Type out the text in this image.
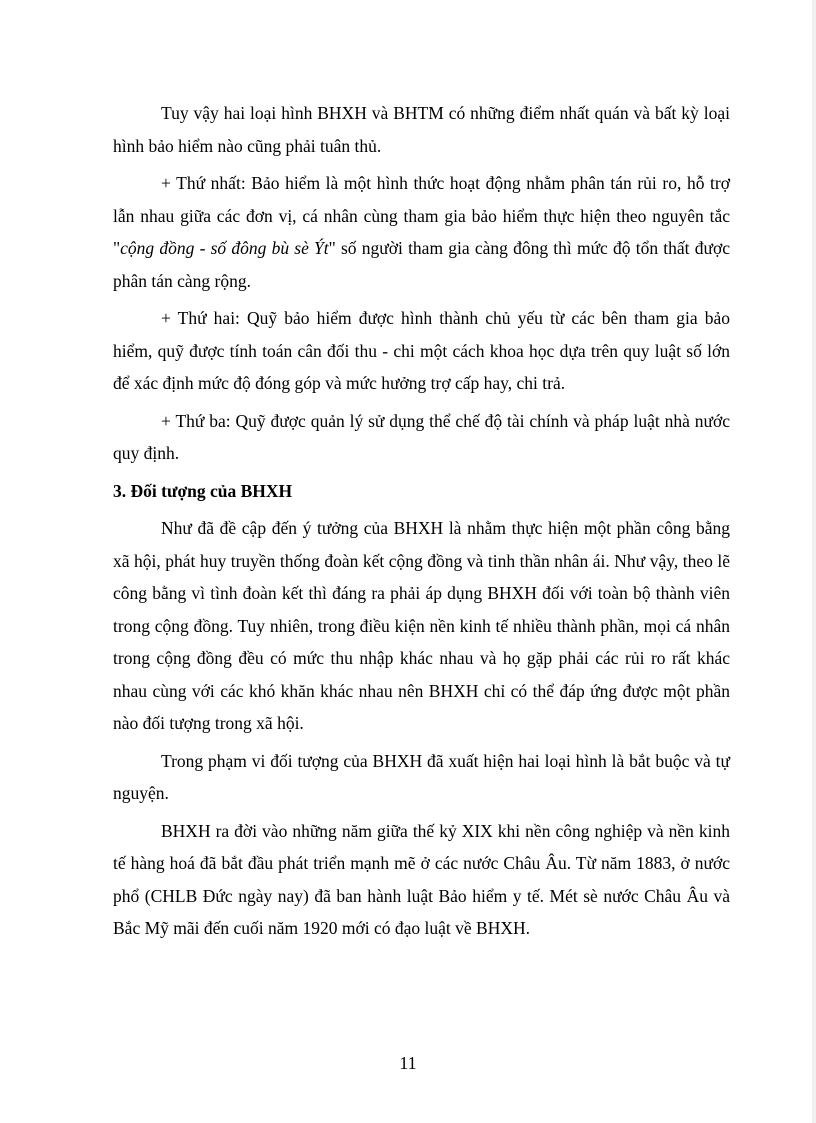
Tuy vậy hai loại hình BHXH và BHTM có những điểm nhất quán và bất kỳ loại hình bảo hiểm nào cũng phải tuân thủ.

+ Thứ nhất: Bảo hiểm là một hình thức hoạt động nhằm phân tán rủi ro, hỗ trợ lẫn nhau giữa các đơn vị, cá nhân cùng tham gia bảo hiểm thực hiện theo nguyên tắc "cộng đồng - số đông bù sè Ýt" số người tham gia càng đông thì mức độ tổn thất được phân tán càng rộng.

+ Thứ hai: Quỹ bảo hiểm được hình thành chủ yếu từ các bên tham gia bảo hiểm, quỹ được tính toán cân đối thu - chi một cách khoa học dựa trên quy luật số lớn để xác định mức độ đóng góp và mức hưởng trợ cấp hay, chi trả.

+ Thứ ba: Quỹ được quản lý sử dụng thể chế độ tài chính và pháp luật nhà nước quy định.

3. Đối tượng của BHXH

Như đã đề cập đến ý tưởng của BHXH là nhằm thực hiện một phần công bằng xã hội, phát huy truyền thống đoàn kết cộng đồng và tinh thần nhân ái. Như vậy, theo lẽ công bằng vì tình đoàn kết thì đáng ra phải áp dụng BHXH đối với toàn bộ thành viên trong cộng đồng. Tuy nhiên, trong điều kiện nền kinh tế nhiều thành phần, mọi cá nhân trong cộng đồng đều có mức thu nhập khác nhau và họ gặp phải các rủi ro rất khác nhau cùng với các khó khăn khác nhau nên BHXH chỉ có thể đáp ứng được một phần nào đối tượng trong xã hội.

Trong phạm vi đối tượng của BHXH đã xuất hiện hai loại hình là bắt buộc và tự nguyện.

BHXH ra đời vào những năm giữa thế kỷ XIX khi nền công nghiệp và nền kinh tế hàng hoá đã bắt đầu phát triển mạnh mẽ ở các nước Châu Âu. Từ năm 1883, ở nước phổ (CHLB Đức ngày nay) đã ban hành luật Bảo hiểm y tế. Mét sè nước Châu Âu và Bắc Mỹ mãi đến cuối năm 1920 mới có đạo luật về BHXH.

11
